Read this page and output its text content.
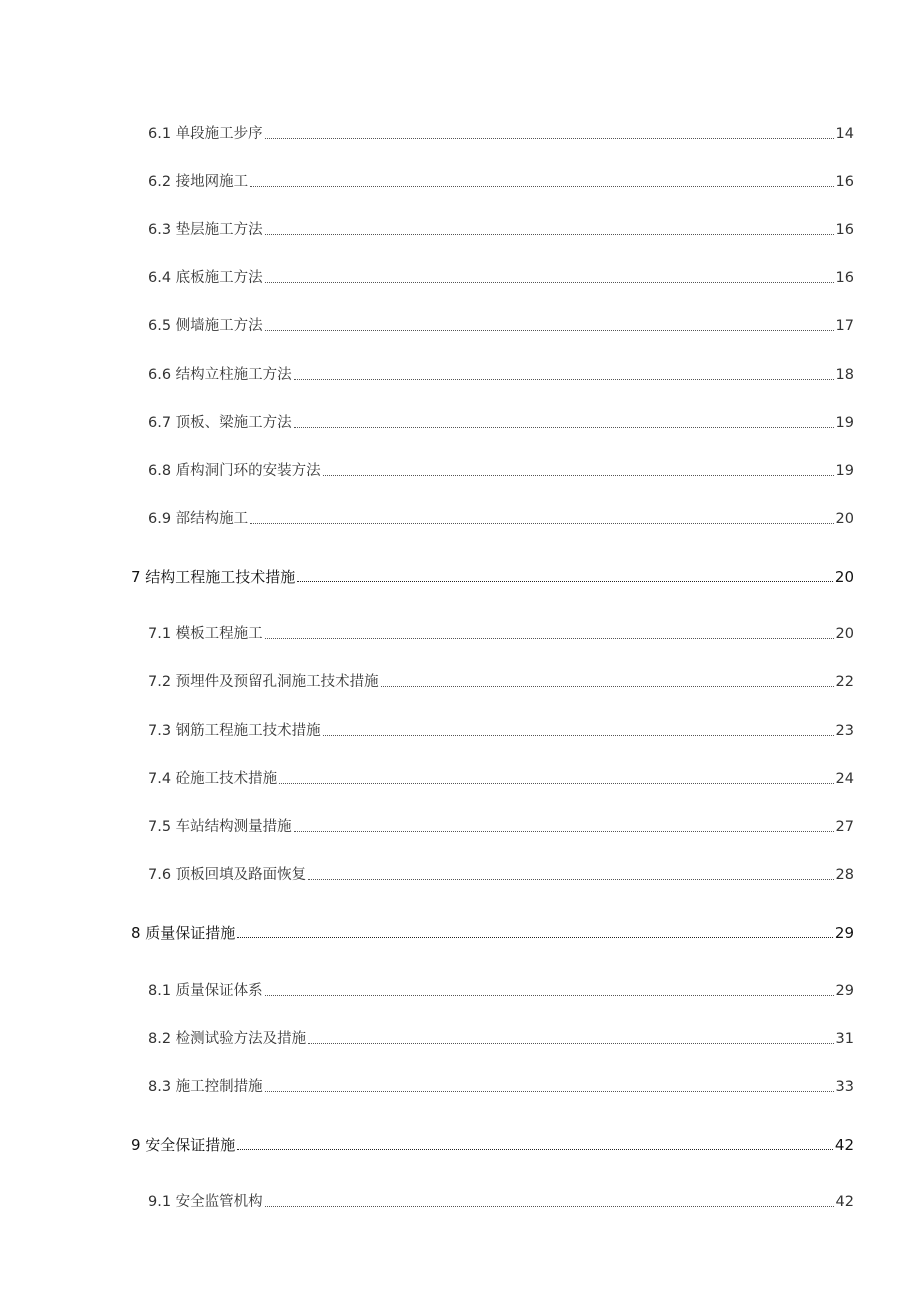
6.1 单段施工步序	14
6.2 接地网施工	16
6.3 垫层施工方法	16
6.4 底板施工方法	16
6.5 侧墙施工方法	17
6.6 结构立柱施工方法	18
6.7 顶板、梁施工方法	19
6.8 盾构洞门环的安装方法	19
6.9 部结构施工	20
7 结构工程施工技术措施	20
7.1 模板工程施工	20
7.2 预埋件及预留孔洞施工技术措施	22
7.3 钢筋工程施工技术措施	23
7.4 砼施工技术措施	24
7.5 车站结构测量措施	27
7.6 顶板回填及路面恢复	28
8 质量保证措施	29
8.1 质量保证体系	29
8.2 检测试验方法及措施	31
8.3 施工控制措施	33
9 安全保证措施	42
9.1 安全监管机构	42
